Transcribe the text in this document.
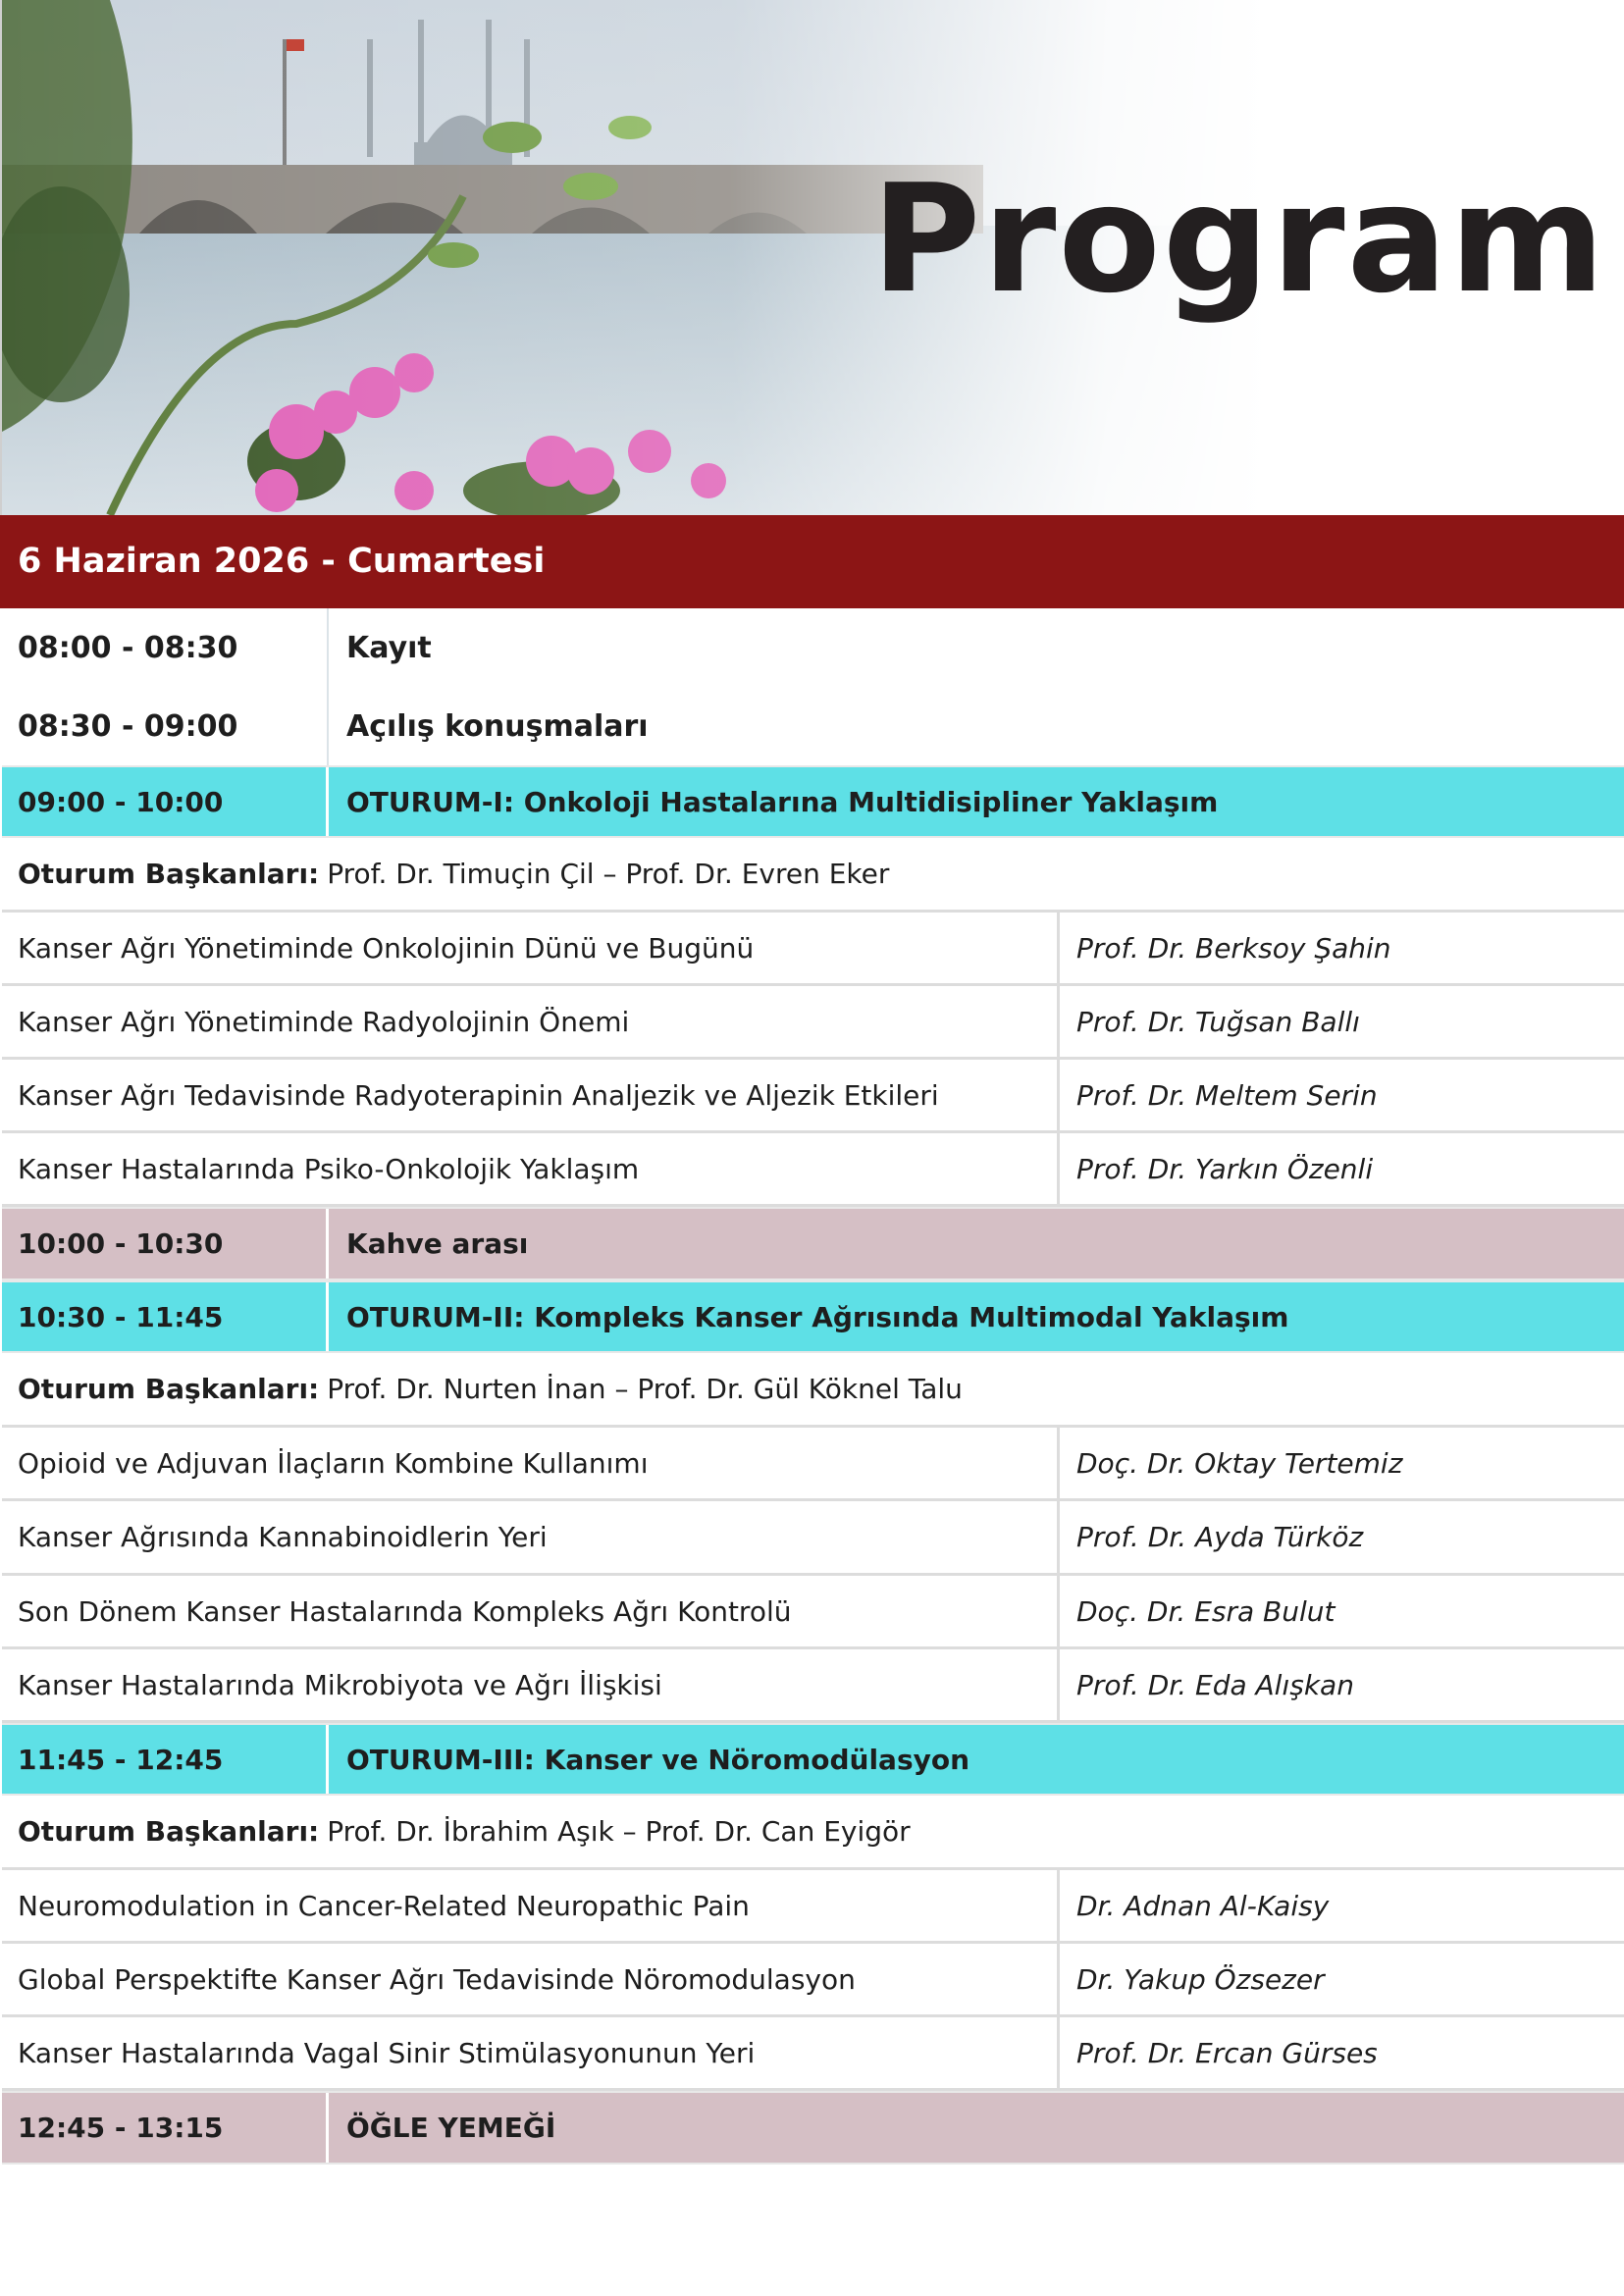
Program
6 Haziran 2026 - Cumartesi
08:00 - 08:30	Kayıt
08:30 - 09:00	Açılış konuşmaları
09:00 - 10:00	OTURUM-I: Onkoloji Hastalarına Multidisipliner Yaklaşım
Oturum Başkanları: Prof. Dr. Timuçin Çil – Prof. Dr. Evren Eker
Kanser Ağrı Yönetiminde Onkolojinin Dünü ve Bugünü	Prof. Dr. Berksoy Şahin
Kanser Ağrı Yönetiminde Radyolojinin Önemi	Prof. Dr. Tuğsan Ballı
Kanser Ağrı Tedavisinde Radyoterapinin Analjezik ve Aljezik Etkileri	Prof. Dr. Meltem Serin
Kanser Hastalarında Psiko-Onkolojik Yaklaşım	Prof. Dr. Yarkın Özenli
10:00 - 10:30	Kahve arası
10:30 - 11:45	OTURUM-II: Kompleks Kanser Ağrısında Multimodal Yaklaşım
Oturum Başkanları: Prof. Dr. Nurten İnan – Prof. Dr. Gül Köknel Talu
Opioid ve Adjuvan İlaçların Kombine Kullanımı	Doç. Dr. Oktay Tertemiz
Kanser Ağrısında Kannabinoidlerin Yeri	Prof. Dr. Ayda Türköz
Son Dönem Kanser Hastalarında Kompleks Ağrı Kontrolü	Doç. Dr. Esra Bulut
Kanser Hastalarında Mikrobiyota ve Ağrı İlişkisi	Prof. Dr. Eda Alışkan
11:45 - 12:45	OTURUM-III: Kanser ve Nöromodülasyon
Oturum Başkanları: Prof. Dr. İbrahim Aşık – Prof. Dr. Can Eyigör
Neuromodulation in Cancer-Related Neuropathic Pain	Dr. Adnan Al-Kaisy
Global Perspektifte Kanser Ağrı Tedavisinde Nöromodulasyon	Dr. Yakup Özsezer
Kanser Hastalarında Vagal Sinir Stimülasyonunun Yeri	Prof. Dr. Ercan Gürses
12:45 - 13:15	ÖĞLE YEMEĞİ
